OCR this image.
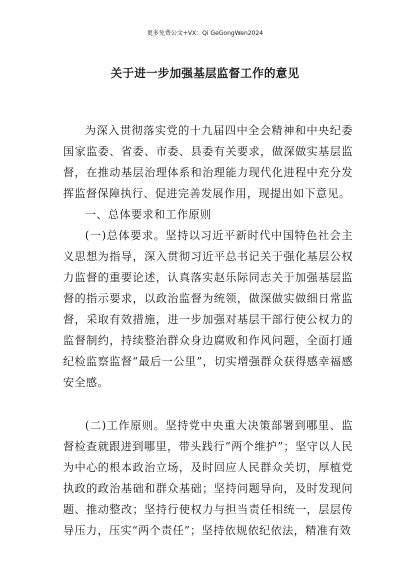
更多免费公文+VX：Qi GeGongWen2024
关于进一步加强基层监督工作的意见

为深入贯彻落实党的十九届四中全会精神和中央纪委国家监委、省委、市委、县委有关要求，做深做实基层监督，在推动基层治理体系和治理能力现代化进程中充分发挥监督保障执行、促进完善发展作用，现提出如下意见。

一、总体要求和工作原则

(一)总体要求。坚持以习近平新时代中国特色社会主义思想为指导，深入贯彻习近平总书记关于强化基层公权力监督的重要论述，认真落实赵乐际同志关于加强基层监督的指示要求，以政治监督为统领，做深做实做细日常监督，采取有效措施，进一步加强对基层干部行使公权力的监督制约，持续整治群众身边腐败和作风问题，全面打通纪检监察监督“最后一公里”，切实增强群众获得感幸福感安全感。

(二)工作原则。坚持党中央重大决策部署到哪里、监督检查就跟进到哪里，带头践行“两个维护”；坚守以人民为中心的根本政治立场，及时回应人民群众关切，厚植党执政的政治基础和群众基础；坚持问题导向，及时发现问题、推动整改；坚持行使权力与担当责任相统一，层层传导压力，压实“两个责任”；坚持依规依纪依法，精准有效
